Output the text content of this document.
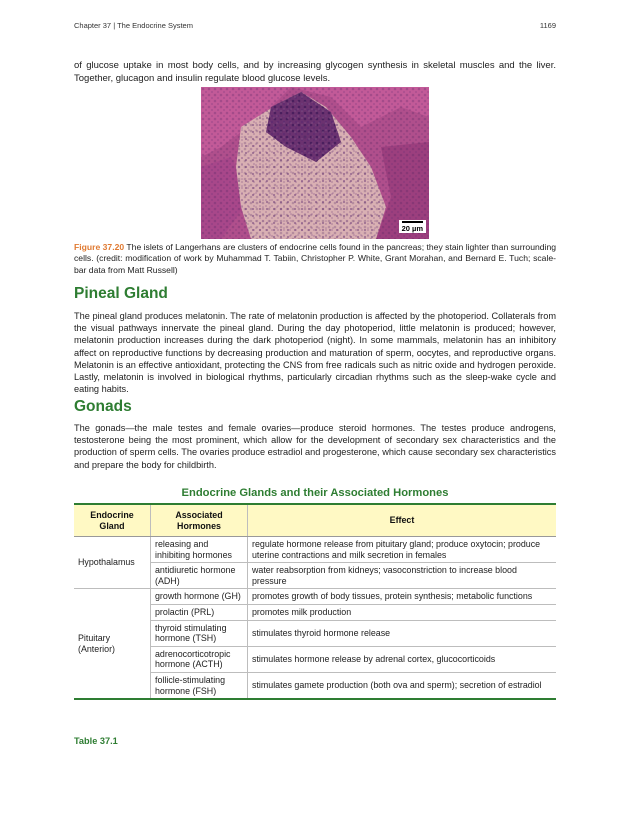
Chapter 37 | The Endocrine System	1169

of glucose uptake in most body cells, and by increasing glycogen synthesis in skeletal muscles and the liver. Together, glucagon and insulin regulate blood glucose levels.

20 µm

Figure 37.20 The islets of Langerhans are clusters of endocrine cells found in the pancreas; they stain lighter than surrounding cells. (credit: modification of work by Muhammad T. Tabiin, Christopher P. White, Grant Morahan, and Bernard E. Tuch; scale-bar data from Matt Russell)

Pineal Gland

The pineal gland produces melatonin. The rate of melatonin production is affected by the photoperiod. Collaterals from the visual pathways innervate the pineal gland. During the day photoperiod, little melatonin is produced; however, melatonin production increases during the dark photoperiod (night). In some mammals, melatonin has an inhibitory affect on reproductive functions by decreasing production and maturation of sperm, oocytes, and reproductive organs. Melatonin is an effective antioxidant, protecting the CNS from free radicals such as nitric oxide and hydrogen peroxide. Lastly, melatonin is involved in biological rhythms, particularly circadian rhythms such as the sleep-wake cycle and eating habits.

Gonads

The gonads—the male testes and female ovaries—produce steroid hormones. The testes produce androgens, testosterone being the most prominent, which allow for the development of secondary sex characteristics and the production of sperm cells. The ovaries produce estradiol and progesterone, which cause secondary sex characteristics and prepare the body for childbirth.

Endocrine Glands and their Associated Hormones
Endocrine Gland	Associated Hormones	Effect
Hypothalamus	releasing and inhibiting hormones	regulate hormone release from pituitary gland; produce oxytocin; produce uterine contractions and milk secretion in females
	antidiuretic hormone (ADH)	water reabsorption from kidneys; vasoconstriction to increase blood pressure
Pituitary (Anterior)	growth hormone (GH)	promotes growth of body tissues, protein synthesis; metabolic functions
	prolactin (PRL)	promotes milk production
	thyroid stimulating hormone (TSH)	stimulates thyroid hormone release
	adrenocorticotropic hormone (ACTH)	stimulates hormone release by adrenal cortex, glucocorticoids
	follicle-stimulating hormone (FSH)	stimulates gamete production (both ova and sperm); secretion of estradiol
Table 37.1
